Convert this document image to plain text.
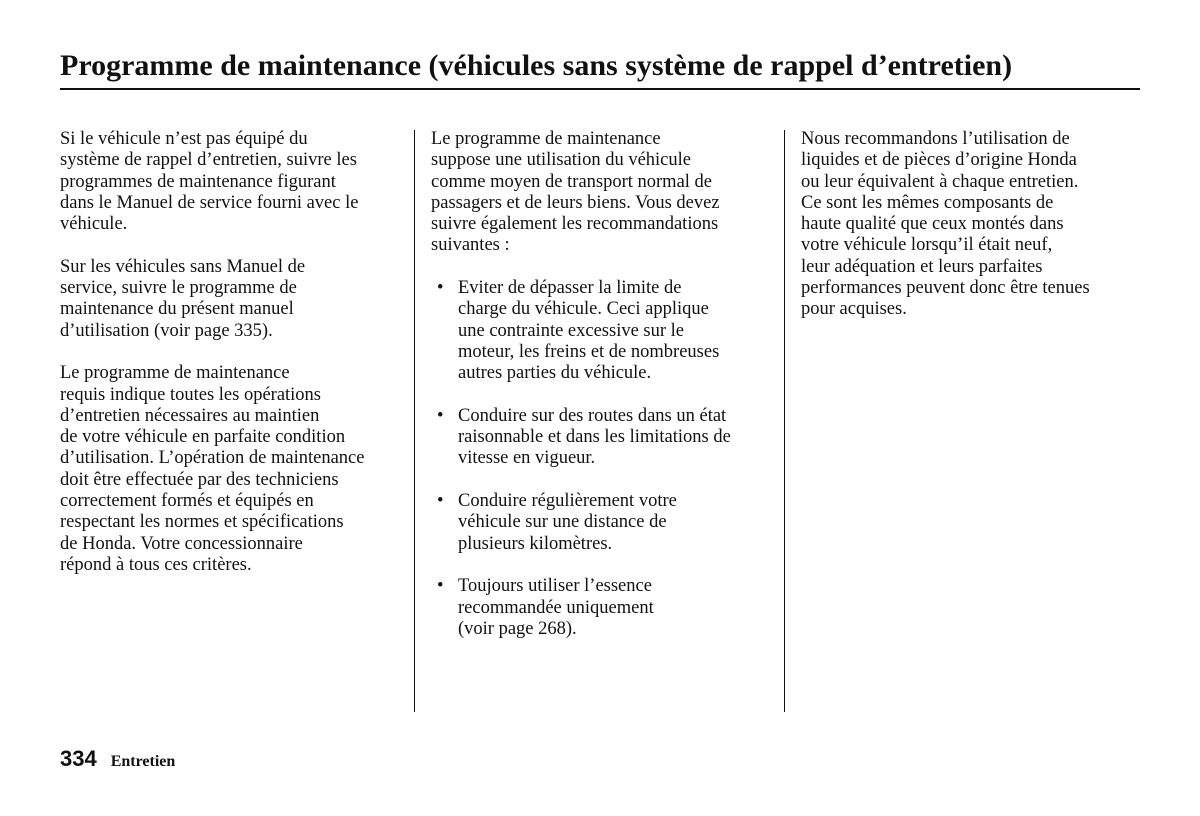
Programme de maintenance (véhicules sans système de rappel d’entretien)

Si le véhicule n’est pas équipé du
système de rappel d’entretien, suivre les
programmes de maintenance figurant
dans le Manuel de service fourni avec le
véhicule.

Sur les véhicules sans Manuel de
service, suivre le programme de
maintenance du présent manuel
d’utilisation (voir page 335).

Le programme de maintenance
requis indique toutes les opérations
d’entretien nécessaires au maintien
de votre véhicule en parfaite condition
d’utilisation. L’opération de maintenance
doit être effectuée par des techniciens
correctement formés et équipés en
respectant les normes et spécifications
de Honda. Votre concessionnaire
répond à tous ces critères.

Le programme de maintenance
suppose une utilisation du véhicule
comme moyen de transport normal de
passagers et de leurs biens. Vous devez
suivre également les recommandations
suivantes :

• Eviter de dépasser la limite de
charge du véhicule. Ceci applique
une contrainte excessive sur le
moteur, les freins et de nombreuses
autres parties du véhicule.
• Conduire sur des routes dans un état
raisonnable et dans les limitations de
vitesse en vigueur.
• Conduire régulièrement votre
véhicule sur une distance de
plusieurs kilomètres.
• Toujours utiliser l’essence
recommandée uniquement
(voir page 268).

Nous recommandons l’utilisation de
liquides et de pièces d’origine Honda
ou leur équivalent à chaque entretien.
Ce sont les mêmes composants de
haute qualité que ceux montés dans
votre véhicule lorsqu’il était neuf,
leur adéquation et leurs parfaites
performances peuvent donc être tenues
pour acquises.

334 Entretien
